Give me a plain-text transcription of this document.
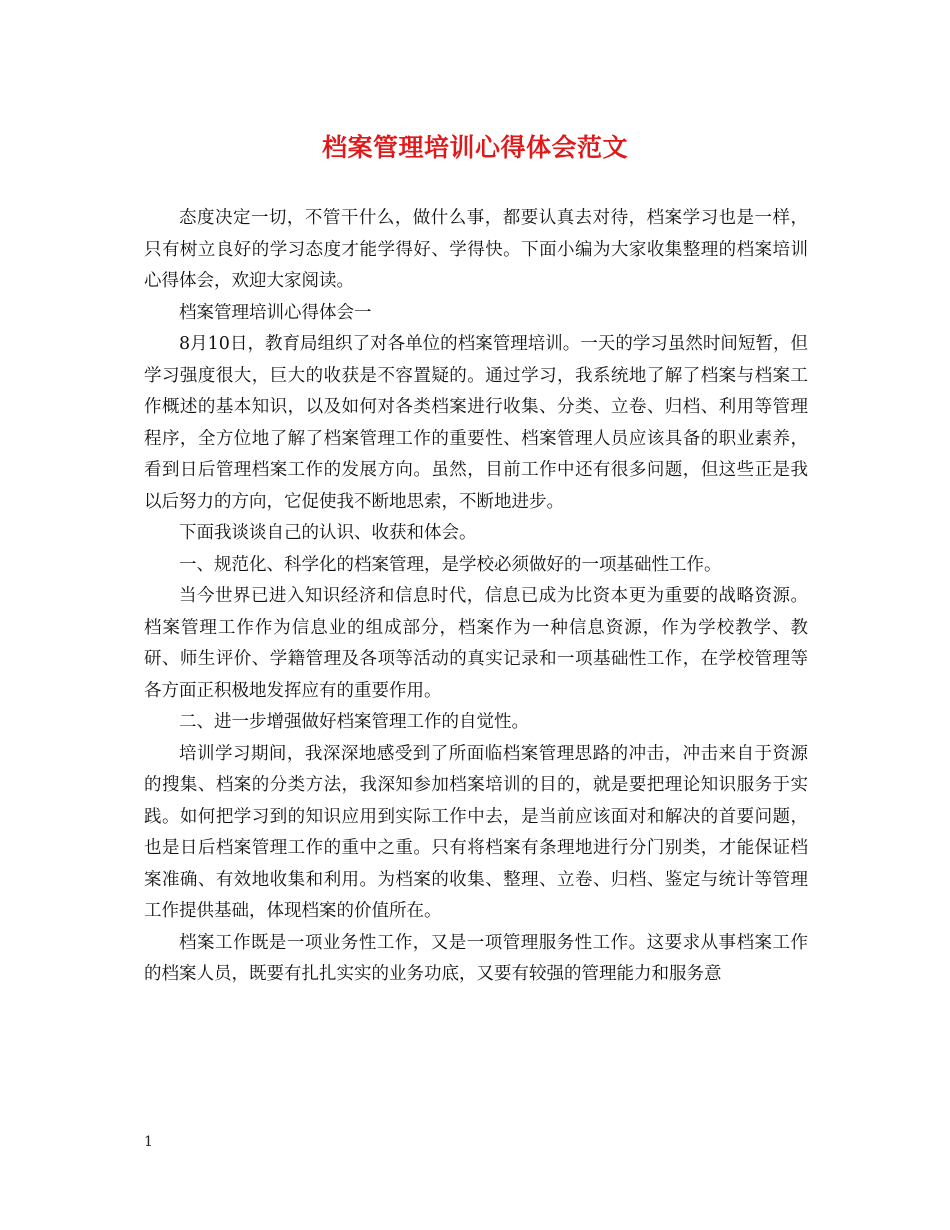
档案管理培训心得体会范文

态度决定一切，不管干什么，做什么事，都要认真去对待，档案学习也是一样，只有树立良好的学习态度才能学得好、学得快。下面小编为大家收集整理的档案培训心得体会，欢迎大家阅读。

档案管理培训心得体会一

8月10日，教育局组织了对各单位的档案管理培训。一天的学习虽然时间短暂，但学习强度很大，巨大的收获是不容置疑的。通过学习，我系统地了解了档案与档案工作概述的基本知识，以及如何对各类档案进行收集、分类、立卷、归档、利用等管理程序，全方位地了解了档案管理工作的重要性、档案管理人员应该具备的职业素养，看到日后管理档案工作的发展方向。虽然，目前工作中还有很多问题，但这些正是我以后努力的方向，它促使我不断地思索，不断地进步。

下面我谈谈自己的认识、收获和体会。

一、规范化、科学化的档案管理，是学校必须做好的一项基础性工作。

当今世界已进入知识经济和信息时代，信息已成为比资本更为重要的战略资源。档案管理工作作为信息业的组成部分，档案作为一种信息资源，作为学校教学、教研、师生评价、学籍管理及各项等活动的真实记录和一项基础性工作，在学校管理等各方面正积极地发挥应有的重要作用。

二、进一步增强做好档案管理工作的自觉性。

培训学习期间，我深深地感受到了所面临档案管理思路的冲击，冲击来自于资源的搜集、档案的分类方法，我深知参加档案培训的目的，就是要把理论知识服务于实践。如何把学习到的知识应用到实际工作中去，是当前应该面对和解决的首要问题，也是日后档案管理工作的重中之重。只有将档案有条理地进行分门别类，才能保证档案准确、有效地收集和利用。为档案的收集、整理、立卷、归档、鉴定与统计等管理工作提供基础，体现档案的价值所在。

档案工作既是一项业务性工作，又是一项管理服务性工作。这要求从事档案工作的档案人员，既要有扎扎实实的业务功底，又要有较强的管理能力和服务意

1
